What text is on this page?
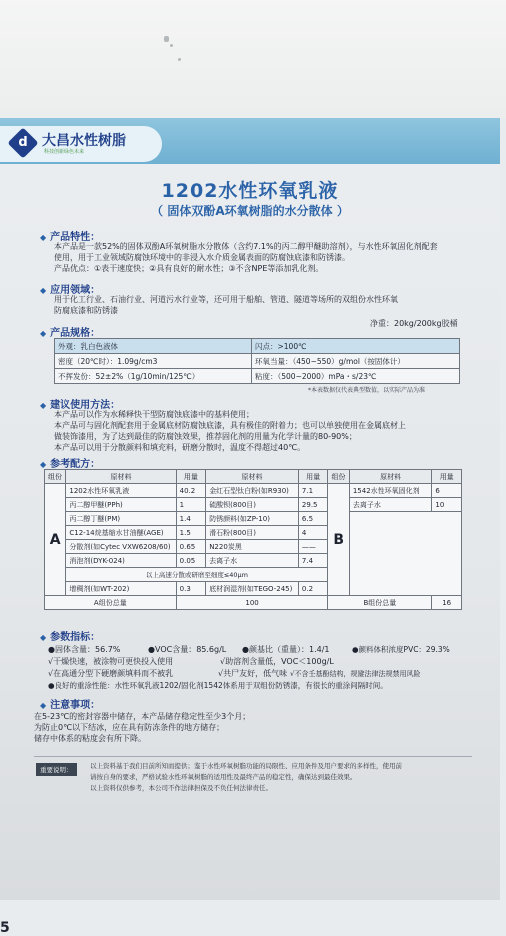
d	大昌水性树脂
科技创新绿色未来
1202水性环氧乳液
（ 固体双酚A环氧树脂的水分散体 ）
◆ 产品特性：
本产品是一款52%的固体双酚A环氧树脂水分散体（含约7.1%的丙二醇甲醚助溶剂），与水性环氧固化剂配套
使用，用于工业领域防腐蚀环境中的非浸入水介质金属表面的防腐蚀底漆和防锈漆。
产品优点：①表干速度快；②具有良好的耐水性；③不含NPE等添加乳化剂。
◆ 应用领域：
用于化工行业、石油行业、河道污水行业等，还可用于船舶、管道、隧道等场所的双组份水性环氧
防腐底漆和防锈漆
净重：20kg/200kg胶桶
◆ 产品规格：
外观：乳白色液体	闪点：>100℃
密度（20℃时）：1.09g/cm3	环氧当量：（450~550）g/mol（按固体计）
不挥发份：52±2%（1g/10min/125℃）	粘度：（500~2000）mPa・s/23℃
*本表数据仅代表典型数值，以实际产品为准
◆ 建议使用方法：
本产品可以作为水稀释快干型防腐蚀底漆中的基料使用；
本产品可与固化剂配套用于金属底材防腐蚀底漆，具有极佳的附着力；也可以单独使用在金属底材上
做装饰漆用，为了达到最佳的防腐蚀效果，推荐固化剂的用量为化学计量的80-90%；
本产品可以用于分散颜料和填充料，研磨分散时，温度不得超过40℃。
◆ 参考配方：
组份	原材料	用量	原材料	用量	组份	原材料	用量
A	1202水性环氧乳液	40.2	金红石型钛白粉(如R930)	7.1	B	1542水性环氧固化剂	6
	丙二醇甲醚(PPh)	1	硫酸钡(800目)	29.5		去离子水	10
	丙二醇丁醚(PM)	1.4	防锈颜料(如ZP-10)	6.5			
	C12-14烷基缩水甘油醚(AGE)	1.5	滑石粉(800目)	4			
	分散剂(如Cytec VXW6208/60)	0.65	N220炭黑	——			
	消泡剂(DYK-024)	0.05	去离子水	7.4			
	以上高速分散或研磨至细度≤40μm						
	增稠剂(如WT-202)	0.3	底材润湿剂(如TEGO-245)	0.2			
A组份总量		100			B组份总量		16
◆ 参数指标：
●固体含量：56.7%	●VOC含量：85.6g/L ●颜基比（重量）：1.4/1	●颜料体积浓度PVC：29.3%
√干燥快速，被涂物可更快投入使用	√助溶剂含量低，VOC＜100g/L
√在高通分型下硬磨颜填料而不被乳	√共尸友好，低气味 √不含壬基酚结构，规避法律法规禁用风险
●良好的重涂性能：水性环氧乳液1202/固化剂1542体系用于双组份防锈漆，有很长的重涂间隔时间。
◆ 注意事项：
在5-23℃的密封容器中储存，本产品储存稳定性至少3个月；
为防止0℃以下结冰，应在具有防冻条件的地方储存；
储存中体系的粘度会有所下降。
5
重要说明：	以上资料基于我们目前所知而提供；鉴于水性环氧树脂功能的局限性、应用条件及用户要求的多样性，使用前
请按自身的要求，严格试验水性环氧树脂的适用性及最终产品的稳定性，确保达到最佳效果。
以上资料仅供参考，本公司不作法律担保及不负任何法律责任。
